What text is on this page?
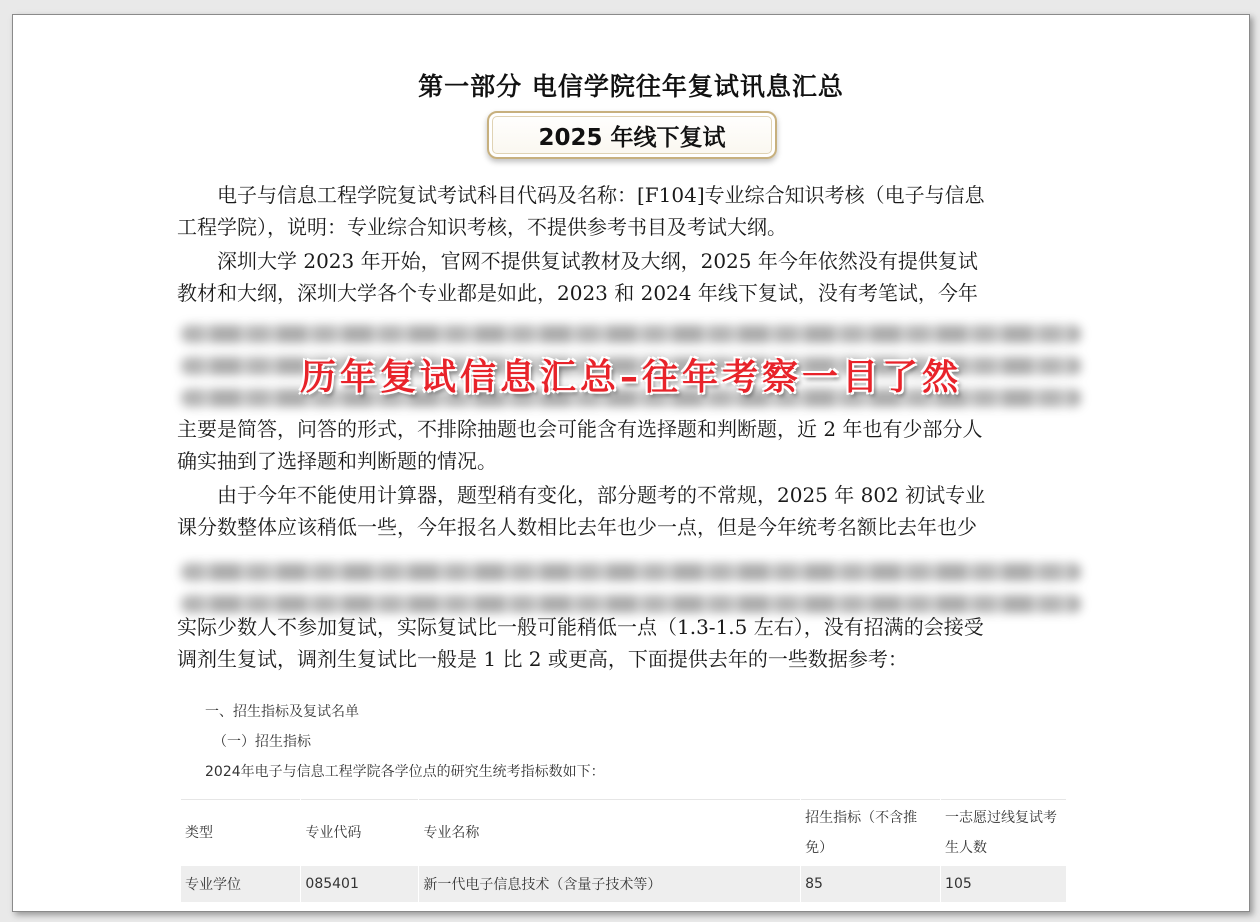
第一部分 电信学院往年复试讯息汇总
2025 年线下复试
电子与信息工程学院复试考试科目代码及名称：[F104]专业综合知识考核（电子与信息
工程学院），说明：专业综合知识考核，不提供参考书目及考试大纲。
深圳大学 2023 年开始，官网不提供复试教材及大纲，2025 年今年依然没有提供复试
教材和大纲，深圳大学各个专业都是如此，2023 和 2024 年线下复试，没有考笔试，今年
历年复试信息汇总–往年考察一目了然
主要是简答，问答的形式，不排除抽题也会可能含有选择题和判断题，近 2 年也有少部分人
确实抽到了选择题和判断题的情况。
由于今年不能使用计算器，题型稍有变化，部分题考的不常规，2025 年 802 初试专业
课分数整体应该稍低一些，今年报名人数相比去年也少一点，但是今年统考名额比去年也少
实际少数人不参加复试，实际复试比一般可能稍低一点（1.3-1.5 左右），没有招满的会接受
调剂生复试，调剂生复试比一般是 1 比 2 或更高，下面提供去年的一些数据参考：
一、招生指标及复试名单
（一）招生指标
2024年电子与信息工程学院各学位点的研究生统考指标数如下：
类型	专业代码	专业名称	招生指标（不含推免）	一志愿过线复试考生人数
专业学位	085401	新一代电子信息技术（含量子技术等）	85	105
